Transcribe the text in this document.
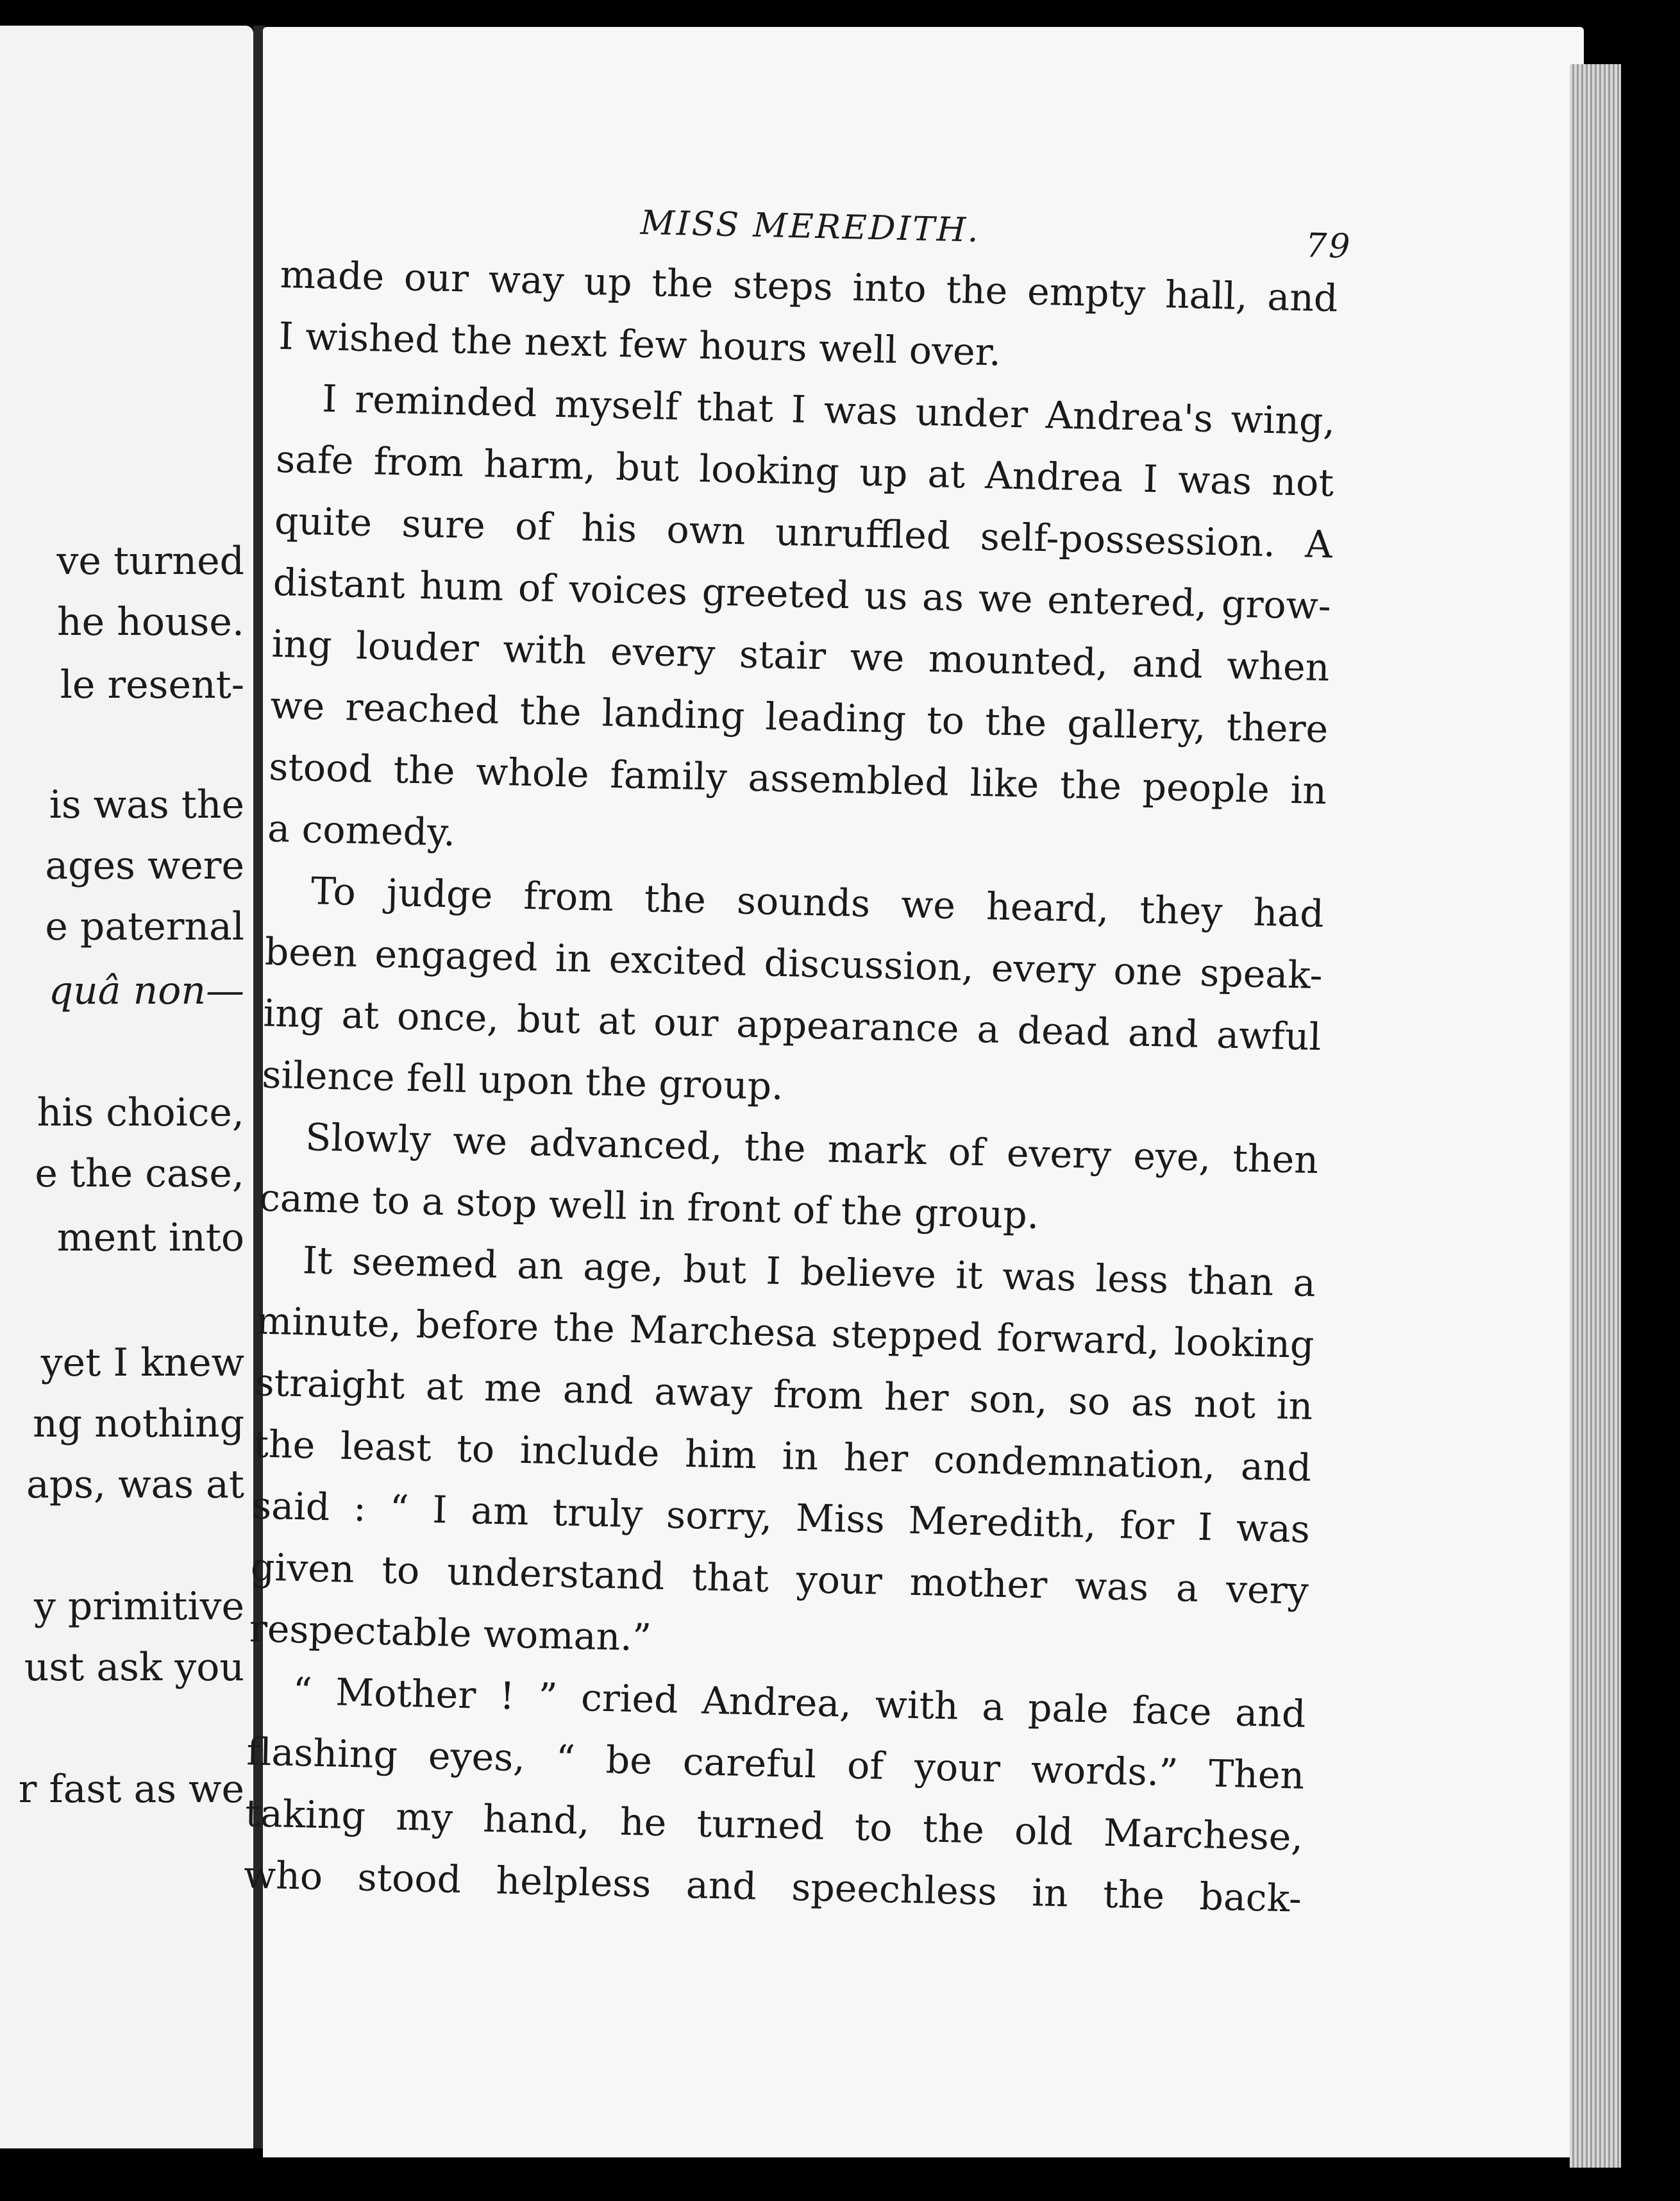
ve turned
he house.
le resent-
is was the
ages were
e paternal
quâ non—
his choice,
e the case,
ment into
yet I knew
ng nothing
aps, was at
y primitive
ust ask you
r fast as we
MISS MEREDITH.	79
made our way up the steps into the empty hall, and
I wished the next few hours well over.
I reminded myself that I was under Andrea's wing,
safe from harm, but looking up at Andrea I was not
quite sure of his own unruffled self-possession. A
distant hum of voices greeted us as we entered, grow-
ing louder with every stair we mounted, and when
we reached the landing leading to the gallery, there
stood the whole family assembled like the people in
a comedy.
To judge from the sounds we heard, they had
been engaged in excited discussion, every one speak-
ing at once, but at our appearance a dead and awful
silence fell upon the group.
Slowly we advanced, the mark of every eye, then
came to a stop well in front of the group.
It seemed an age, but I believe it was less than a
minute, before the Marchesa stepped forward, looking
straight at me and away from her son, so as not in
the least to include him in her condemnation, and
said : “ I am truly sorry, Miss Meredith, for I was
given to understand that your mother was a very
respectable woman.”
“ Mother ! ” cried Andrea, with a pale face and
flashing eyes, “ be careful of your words.” Then
taking my hand, he turned to the old Marchese,
who stood helpless and speechless in the back-
